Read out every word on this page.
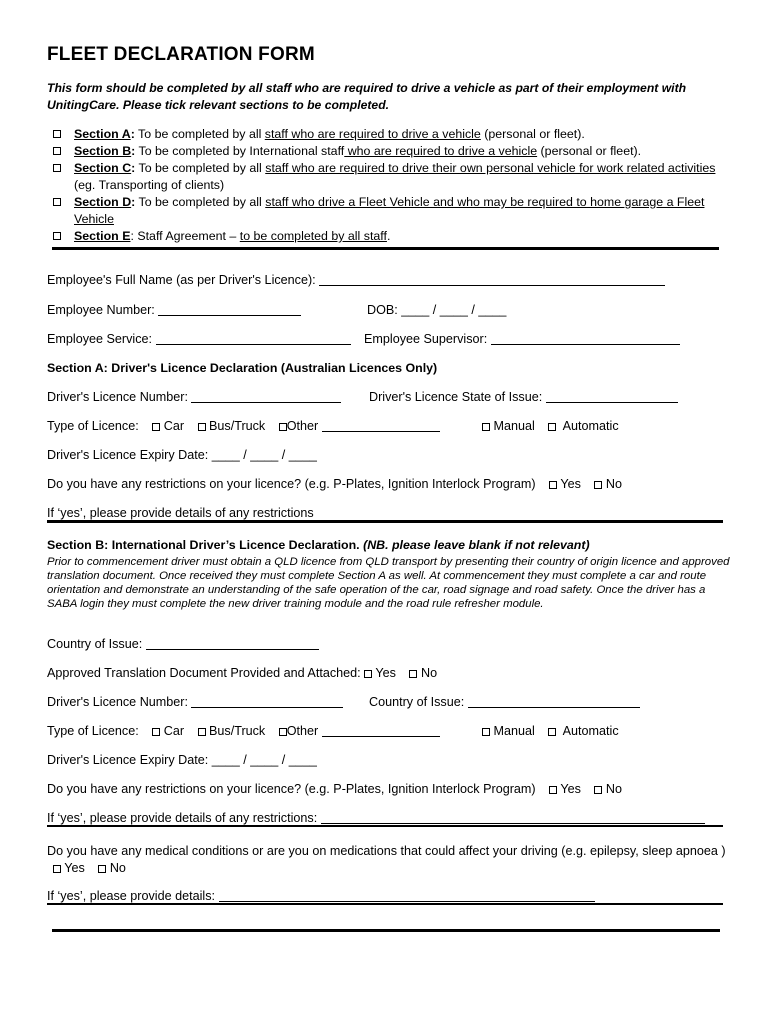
FLEET DECLARATION FORM
This form should be completed by all staff who are required to drive a vehicle as part of their employment with UnitingCare. Please tick relevant sections to be completed.
Section A: To be completed by all staff who are required to drive a vehicle (personal or fleet).
Section B: To be completed by International staff who are required to drive a vehicle (personal or fleet).
Section C: To be completed by all staff who are required to drive their own personal vehicle for work related activities (eg. Transporting of clients)
Section D: To be completed by all staff who drive a Fleet Vehicle and who may be required to home garage a Fleet Vehicle
Section E: Staff Agreement – to be completed by all staff.
Employee's Full Name (as per Driver's Licence):
Employee Number:	DOB: ____ / ____ / ____
Employee Service:	Employee Supervisor:
Section A: Driver's Licence Declaration (Australian Licences Only)
Driver's Licence Number:	Driver's Licence State of Issue:
Type of Licence: Car Bus/Truck Other	Manual Automatic
Driver's Licence Expiry Date: ____ / ____ / ____
Do you have any restrictions on your licence? (e.g. P-Plates, Ignition Interlock Program) Yes No
If ‘yes’, please provide details of any restrictions
Section B: International Driver’s Licence Declaration. (NB. please leave blank if not relevant)
Prior to commencement driver must obtain a QLD licence from QLD transport by presenting their country of origin licence and approved translation document. Once received they must complete Section A as well. At commencement they must complete a car and route orientation and demonstrate an understanding of the safe operation of the car, road signage and road safety. Once the driver has a SABA login they must complete the new driver training module and the road rule refresher module.
Country of Issue:
Approved Translation Document Provided and Attached: Yes No
Driver's Licence Number:	Country of Issue:
Type of Licence: Car Bus/Truck Other	Manual Automatic
Driver's Licence Expiry Date: ____ / ____ / ____
Do you have any restrictions on your licence? (e.g. P-Plates, Ignition Interlock Program) Yes No
If ‘yes’, please provide details of any restrictions:
Do you have any medical conditions or are you on medications that could affect your driving (e.g. epilepsy, sleep apnoea )  Yes No
If ‘yes’, please provide details:
